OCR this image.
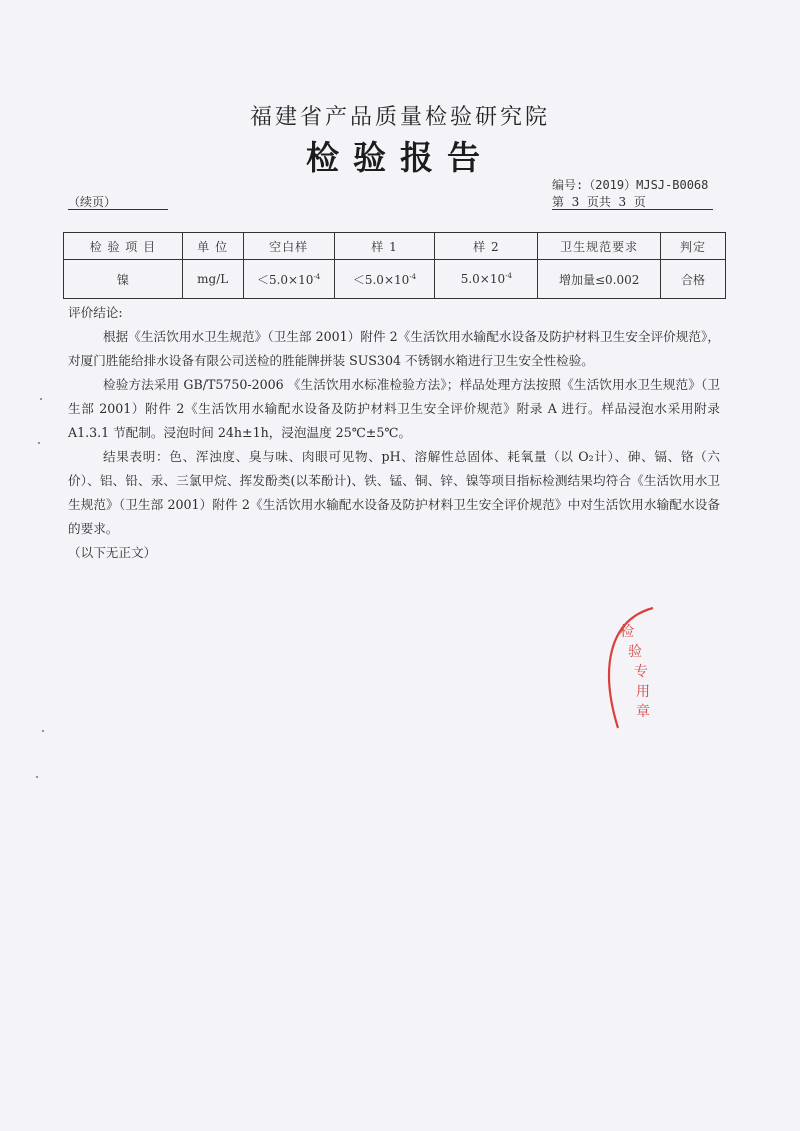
福建省产品质量检验研究院
检验报告
编号:（2019）MJSJ-B0068
（续页）	第  3  页共  3  页
检 验 项 目	单 位	空白样	样 1	样 2	卫生规范要求	判定
镍	mg/L	$<5.0\times 10^{-4}$	$<5.0\times 10^{-4}$	$5.0\times 10^{-4}$	增加量≤0.002	合格

评价结论:

根据《生活饮用水卫生规范》（卫生部 2001）附件 2《生活饮用水输配水设备及防护材料卫生安全评价规范》，对厦门胜能给排水设备有限公司送检的胜能牌拼装 SUS304 不锈钢水箱进行卫生安全性检验。

检验方法采用 GB/T5750-2006 《生活饮用水标准检验方法》；样品处理方法按照《生活饮用水卫生规范》（卫生部 2001）附件 2《生活饮用水输配水设备及防护材料卫生安全评价规范》附录 A 进行。样品浸泡水采用附录 A1.3.1 节配制。浸泡时间 24h±1h，浸泡温度 25℃±5℃。

结果表明：色、浑浊度、臭与味、肉眼可见物、pH、溶解性总固体、耗氧量（以 O₂计）、砷、镉、铬（六价）、铝、铅、汞、三氯甲烷、挥发酚类(以苯酚计)、铁、锰、铜、锌、镍等项目指标检测结果均符合《生活饮用水卫生规范》（卫生部 2001）附件 2《生活饮用水输配水设备及防护材料卫生安全评价规范》中对生活饮用水输配水设备的要求。

（以下无正文）

检
验
专
用
章
